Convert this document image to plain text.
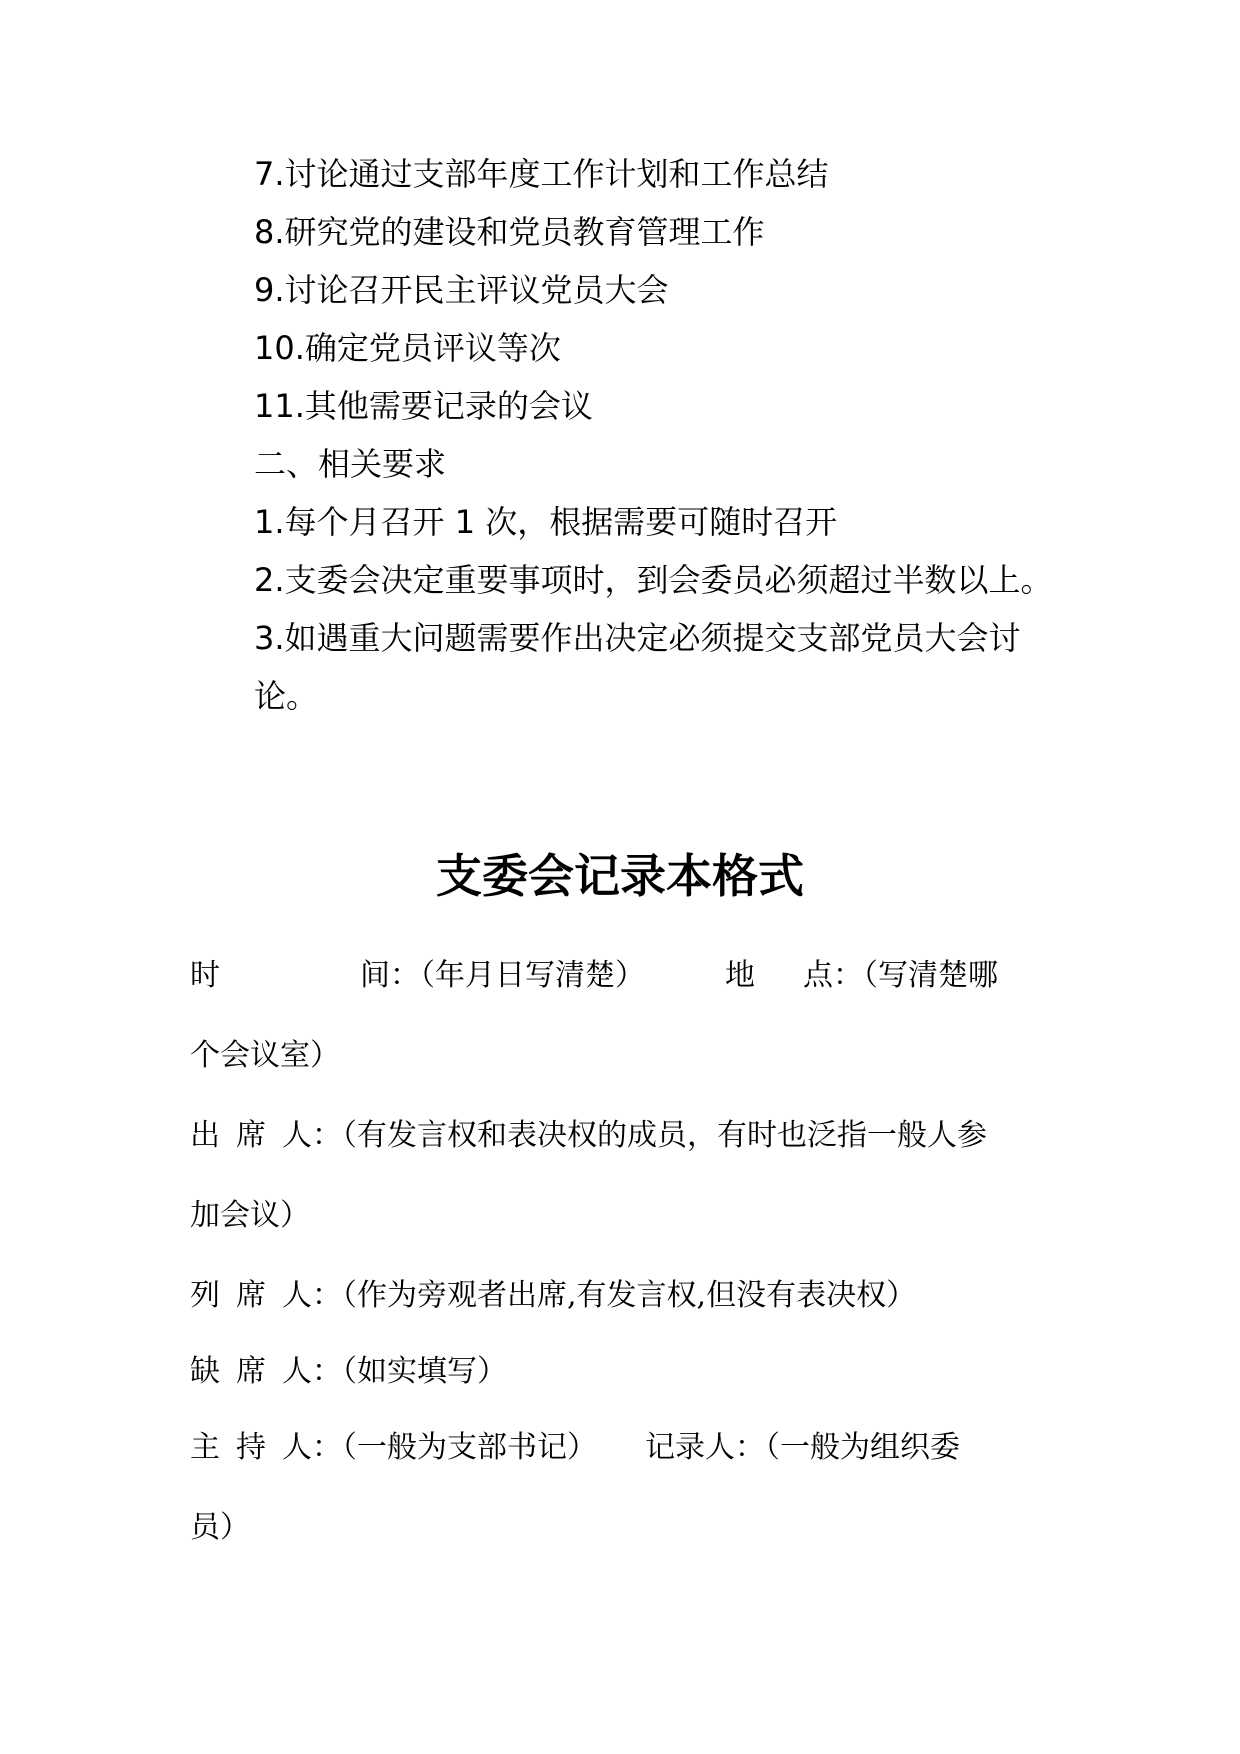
7.讨论通过支部年度工作计划和工作总结
8.研究党的建设和党员教育管理工作
9.讨论召开民主评议党员大会
10.确定党员评议等次
11.其他需要记录的会议
二、相关要求
1.每个月召开 1 次，根据需要可随时召开
2.支委会决定重要事项时，到会委员必须超过半数以上。
3.如遇重大问题需要作出决定必须提交支部党员大会讨
论。
支委会记录本格式
时	间：（年月日写清楚）	地 点：（写清楚哪
个会议室）
出 席 人：（有发言权和表决权的成员，有时也泛指一般人参
加会议）
列 席 人：（作为旁观者出席,有发言权,但没有表决权）
缺 席 人：（如实填写）
主 持 人：（一般为支部书记） 记录人：（一般为组织委
员）
